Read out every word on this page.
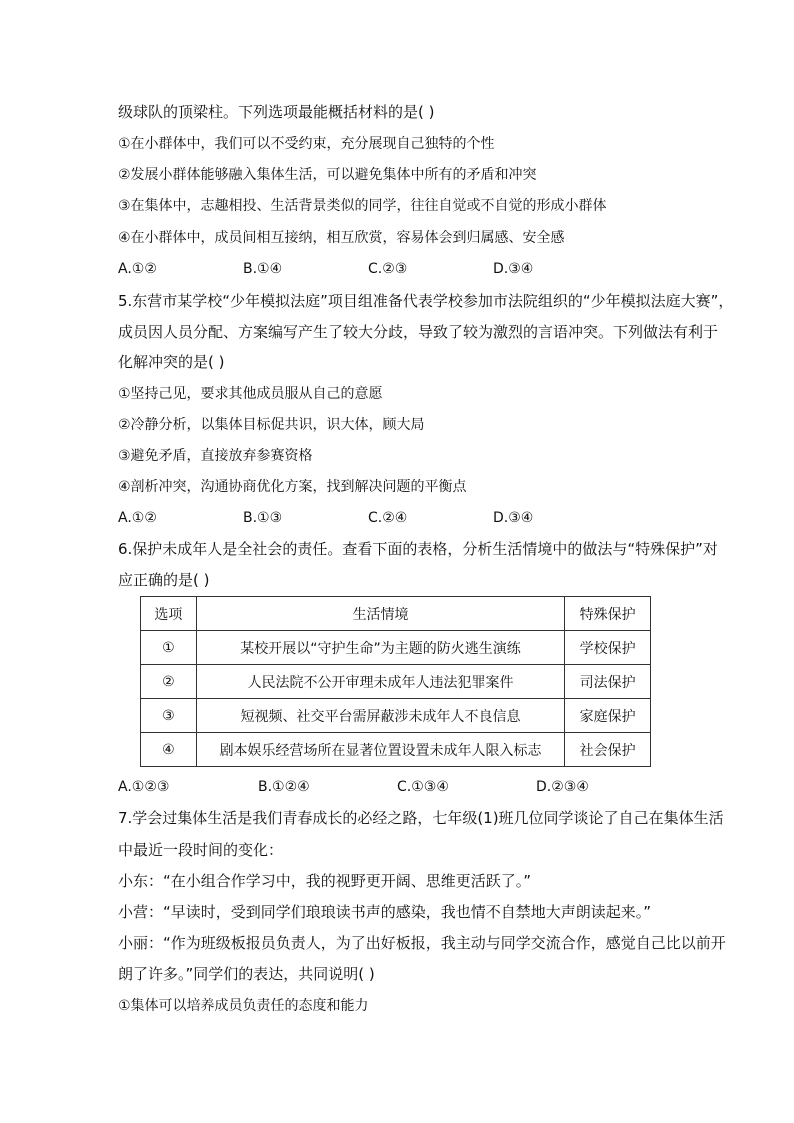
级球队的顶梁柱。下列选项最能概括材料的是( )
①在小群体中，我们可以不受约束，充分展现自己独特的个性
②发展小群体能够融入集体生活，可以避免集体中所有的矛盾和冲突
③在集体中，志趣相投、生活背景类似的同学，往往自觉或不自觉的形成小群体
④在小群体中，成员间相互接纳，相互欣赏，容易体会到归属感、安全感
A.①②	B.①④	C.②③	D.③④
5.东营市某学校“少年模拟法庭”项目组准备代表学校参加市法院组织的“少年模拟法庭大赛”，
成员因人员分配、方案编写产生了较大分歧，导致了较为激烈的言语冲突。下列做法有利于
化解冲突的是( )
①坚持己见，要求其他成员服从自己的意愿
②冷静分析，以集体目标促共识，识大体，顾大局
③避免矛盾，直接放弃参赛资格
④剖析冲突，沟通协商优化方案，找到解决问题的平衡点
A.①②	B.①③	C.②④	D.③④
6.保护未成年人是全社会的责任。查看下面的表格，分析生活情境中的做法与“特殊保护”对
应正确的是( )
选项	生活情境	特殊保护
①	某校开展以“守护生命”为主题的防火逃生演练	学校保护
②	人民法院不公开审理未成年人违法犯罪案件	司法保护
③	短视频、社交平台需屏蔽涉未成年人不良信息	家庭保护
④	剧本娱乐经营场所在显著位置设置未成年人限入标志	社会保护
A.①②③	B.①②④	C.①③④	D.②③④
7.学会过集体生活是我们青春成长的必经之路，七年级(1)班几位同学谈论了自己在集体生活
中最近一段时间的变化：
小东：“在小组合作学习中，我的视野更开阔、思维更活跃了。”
小营：“早读时，受到同学们琅琅读书声的感染，我也情不自禁地大声朗读起来。”
小丽：“作为班级板报员负责人，为了出好板报，我主动与同学交流合作，感觉自己比以前开
朗了许多。”同学们的表达，共同说明( )
①集体可以培养成员负责任的态度和能力
